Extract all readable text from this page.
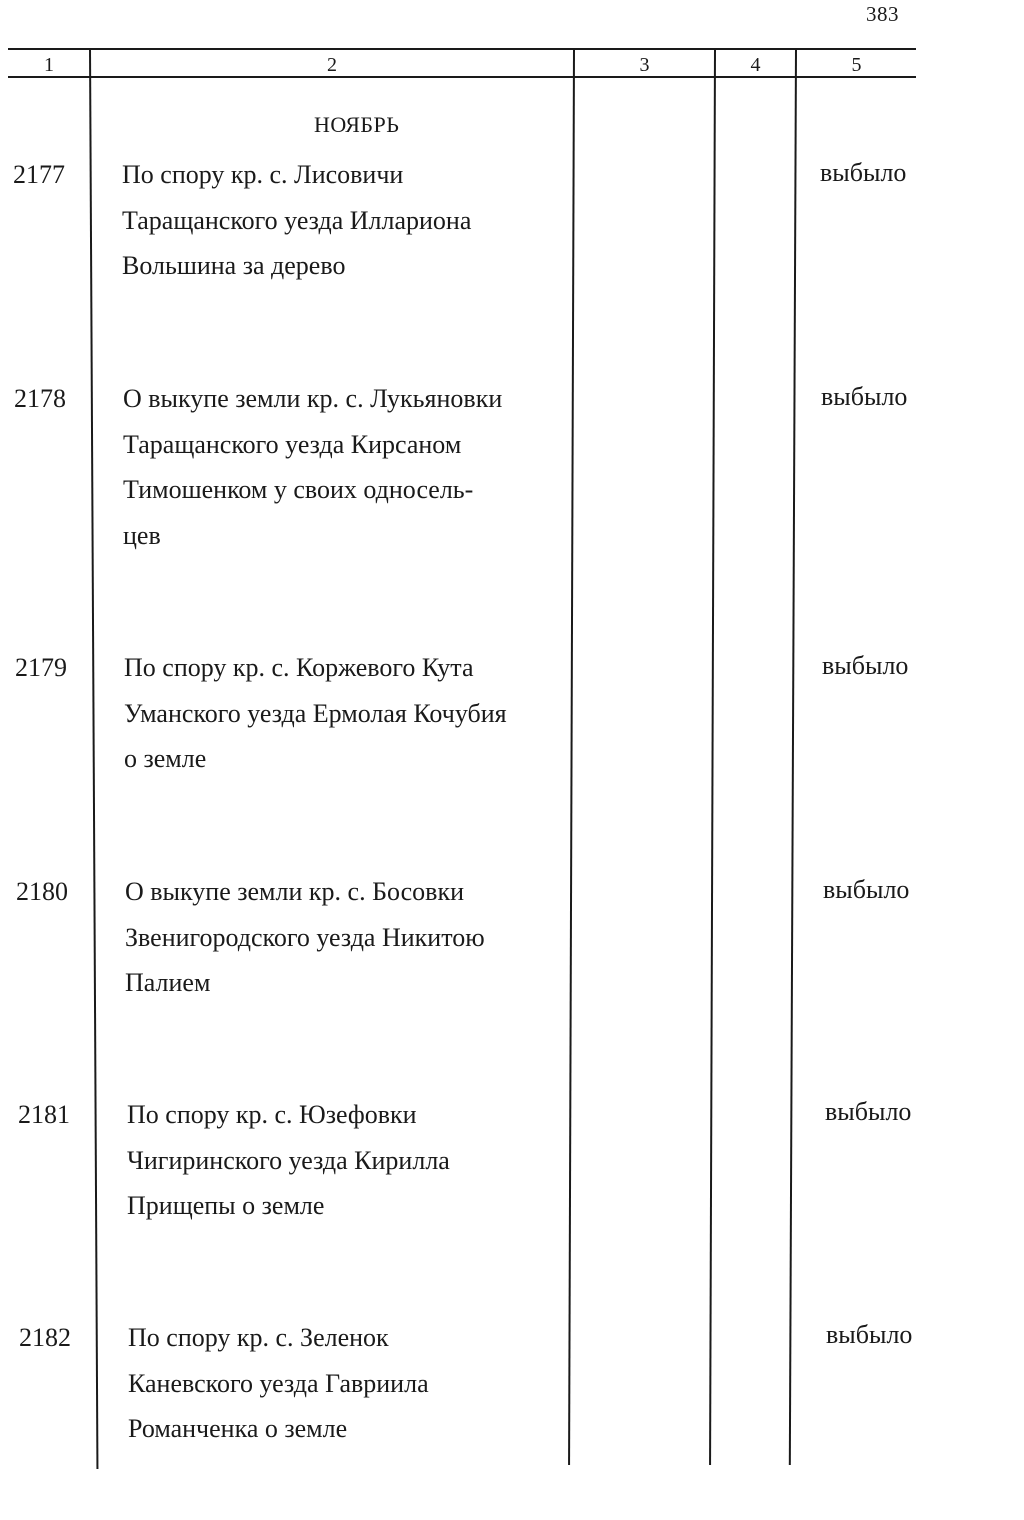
383
1	2	3	4	5
НОЯБРЬ
2177 По спору кр. с. Лисовичи
Таращанского уезда Иллариона
Вольшина за дерево
выбыло
2178 О выкупе земли кр. с. Лукьяновки
Таращанского уезда Кирсаном
Тимошенком у своих односель-
цев
выбыло
2179 По спору кр. с. Коржевого Кута
Уманского уезда Ермолая Кочубия
о земле
выбыло
2180 О выкупе земли кр. с. Босовки
Звенигородского уезда Никитою
Палием
выбыло
2181 По спору кр. с. Юзефовки
Чигиринского уезда Кирилла
Прищепы о земле
выбыло
2182 По спору кр. с. Зеленок
Каневского уезда Гавриила
Романченка о земле
выбыло
